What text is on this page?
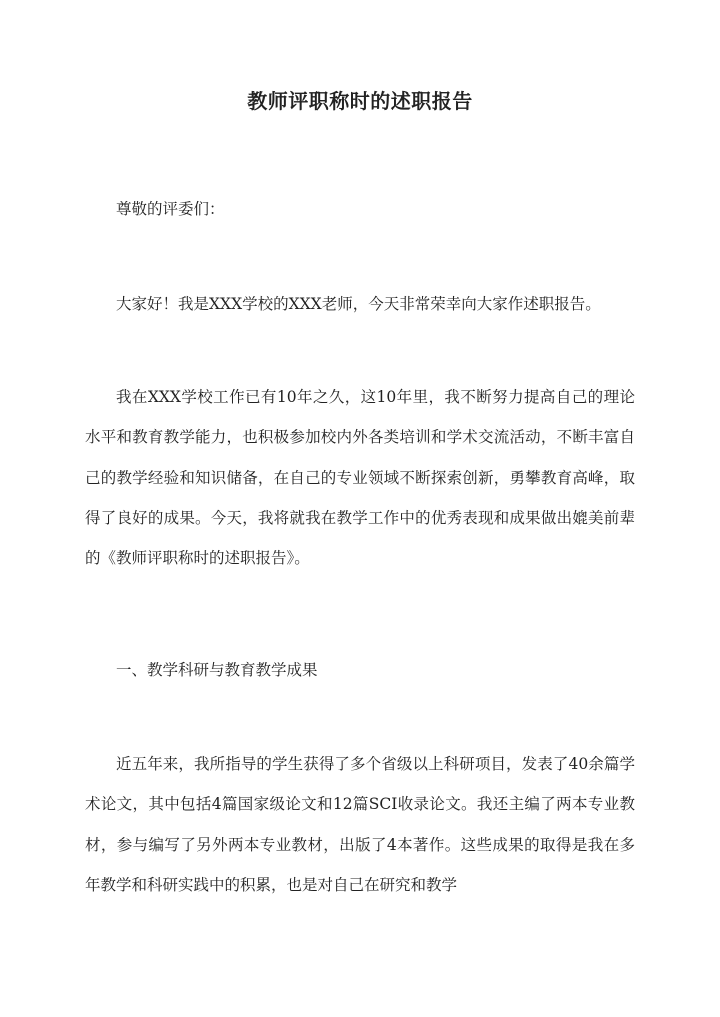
教师评职称时的述职报告

尊敬的评委们：

大家好！我是XXX学校的XXX老师，今天非常荣幸向大家作述职报告。

我在XXX学校工作已有10年之久，这10年里，我不断努力提高自己的理论水平和教育教学能力，也积极参加校内外各类培训和学术交流活动，不断丰富自己的教学经验和知识储备，在自己的专业领域不断探索创新，勇攀教育高峰，取得了良好的成果。今天，我将就我在教学工作中的优秀表现和成果做出媲美前辈的《教师评职称时的述职报告》。

一、教学科研与教育教学成果

近五年来，我所指导的学生获得了多个省级以上科研项目，发表了40余篇学术论文，其中包括4篇国家级论文和12篇SCI收录论文。我还主编了两本专业教材，参与编写了另外两本专业教材，出版了4本著作。这些成果的取得是我在多年教学和科研实践中的积累，也是对自己在研究和教学
